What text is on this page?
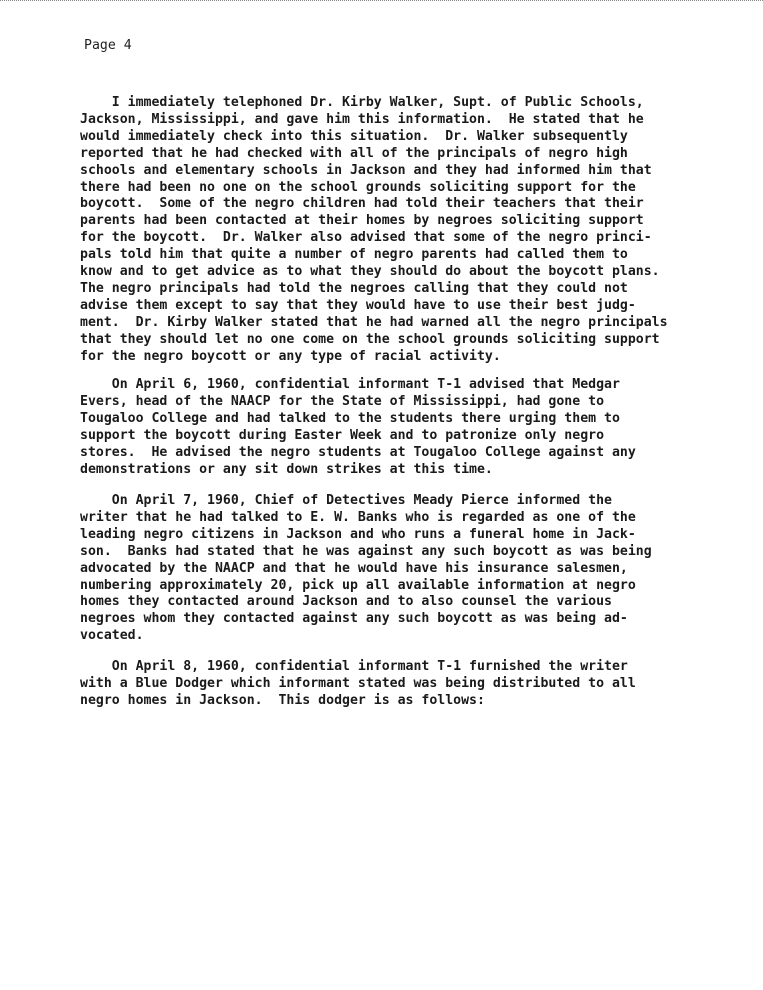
Page 4
I immediately telephoned Dr. Kirby Walker, Supt. of Public Schools,
Jackson, Mississippi, and gave him this information.  He stated that he
would immediately check into this situation.  Dr. Walker subsequently
reported that he had checked with all of the principals of negro high
schools and elementary schools in Jackson and they had informed him that
there had been no one on the school grounds soliciting support for the
boycott.  Some of the negro children had told their teachers that their
parents had been contacted at their homes by negroes soliciting support
for the boycott.  Dr. Walker also advised that some of the negro princi-
pals told him that quite a number of negro parents had called them to
know and to get advice as to what they should do about the boycott plans.
The negro principals had told the negroes calling that they could not
advise them except to say that they would have to use their best judg-
ment.  Dr. Kirby Walker stated that he had warned all the negro principals
that they should let no one come on the school grounds soliciting support
for the negro boycott or any type of racial activity.
On April 6, 1960, confidential informant T-1 advised that Medgar
Evers, head of the NAACP for the State of Mississippi, had gone to
Tougaloo College and had talked to the students there urging them to
support the boycott during Easter Week and to patronize only negro
stores.  He advised the negro students at Tougaloo College against any
demonstrations or any sit down strikes at this time.
On April 7, 1960, Chief of Detectives Meady Pierce informed the
writer that he had talked to E. W. Banks who is regarded as one of the
leading negro citizens in Jackson and who runs a funeral home in Jack-
son.  Banks had stated that he was against any such boycott as was being
advocated by the NAACP and that he would have his insurance salesmen,
numbering approximately 20, pick up all available information at negro
homes they contacted around Jackson and to also counsel the various
negroes whom they contacted against any such boycott as was being ad-
vocated.
On April 8, 1960, confidential informant T-1 furnished the writer
with a Blue Dodger which informant stated was being distributed to all
negro homes in Jackson.  This dodger is as follows:
